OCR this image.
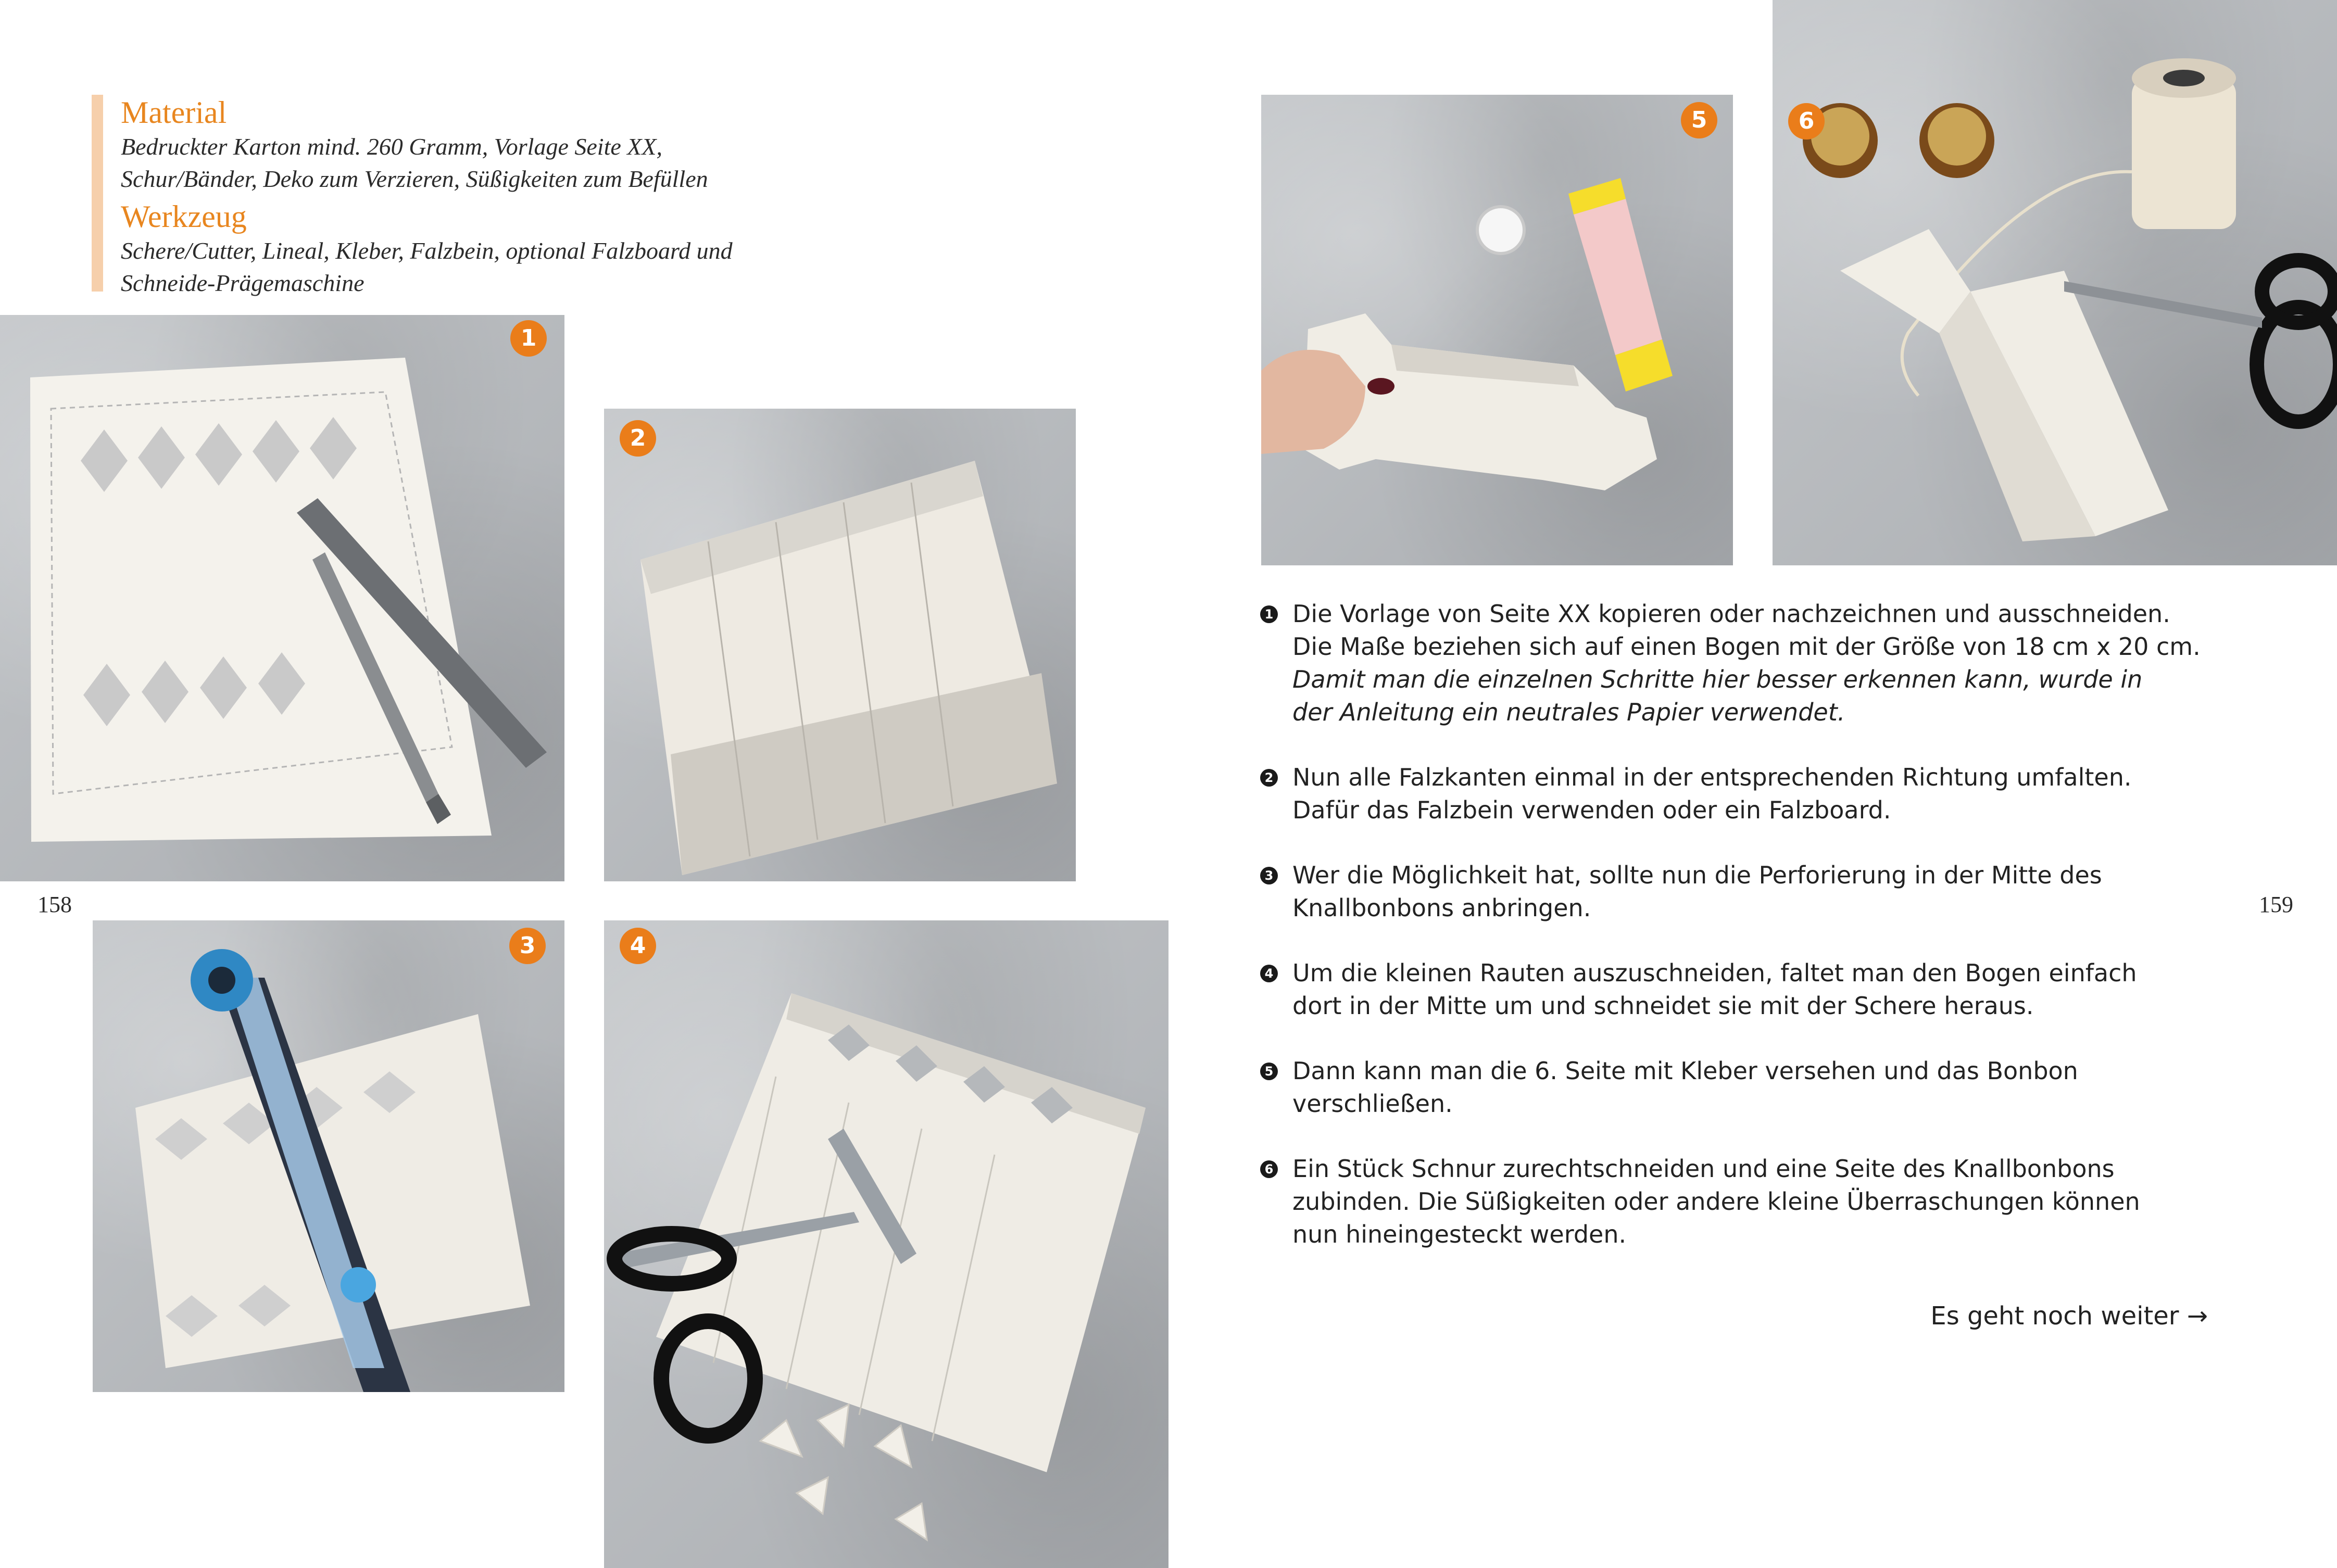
Material
Bedruckter Karton mind. 260 Gramm, Vorlage Seite XX,
Schur/Bänder, Deko zum Verzieren, Süßigkeiten zum Befüllen
Werkzeug
Schere/Cutter, Lineal, Kleber, Falzbein, optional Falzboard und
Schneide-Prägemaschine
158	159
1
2
3	4
5	6
1 Die Vorlage von Seite XX kopieren oder nachzeichnen und ausschneiden.
Die Maße beziehen sich auf einen Bogen mit der Größe von 18 cm x 20 cm.
Damit man die einzelnen Schritte hier besser erkennen kann, wurde in
der Anleitung ein neutrales Papier verwendet.
2 Nun alle Falzkanten einmal in der entsprechenden Richtung umfalten.
Dafür das Falzbein verwenden oder ein Falzboard.
3 Wer die Möglichkeit hat, sollte nun die Perforierung in der Mitte des
Knallbonbons anbringen.
4 Um die kleinen Rauten auszuschneiden, faltet man den Bogen einfach
dort in der Mitte um und schneidet sie mit der Schere heraus.
5 Dann kann man die 6. Seite mit Kleber versehen und das Bonbon
verschließen.
6 Ein Stück Schnur zurechtschneiden und eine Seite des Knallbonbons
zubinden. Die Süßigkeiten oder andere kleine Überraschungen können
nun hineingesteckt werden.
Es geht noch weiter →
